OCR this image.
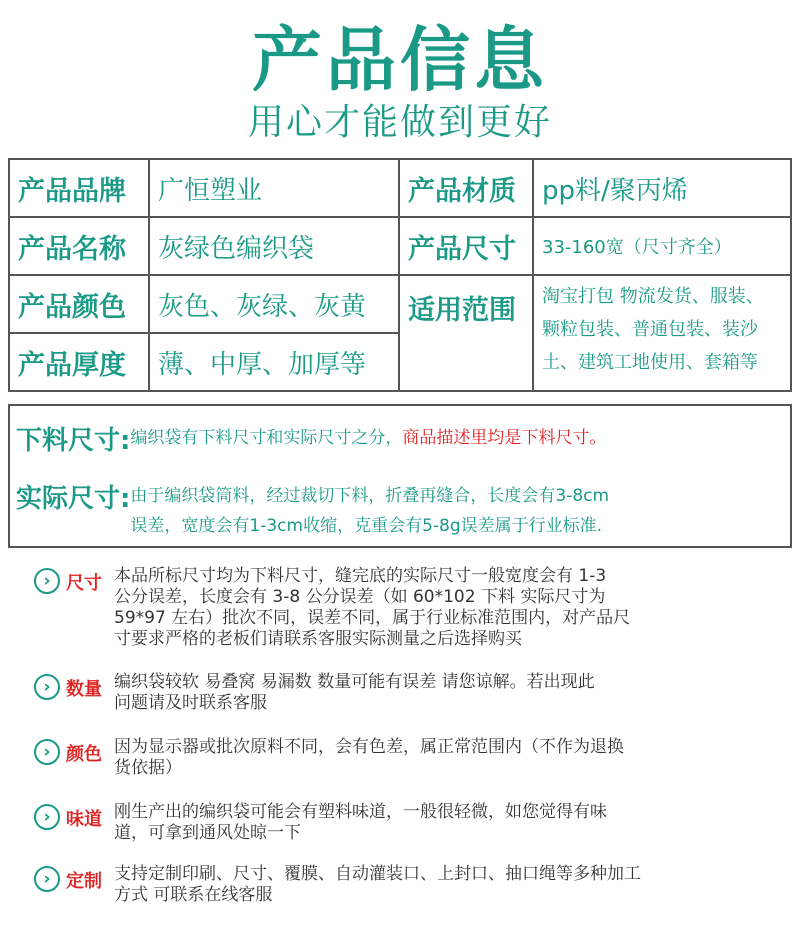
产品信息
用心才能做到更好
产品品牌	广恒塑业	产品材质	pp料/聚丙烯
产品名称	灰绿色编织袋	产品尺寸	33-160宽（尺寸齐全）
产品颜色	灰色、灰绿、灰黄	适用范围	淘宝打包 物流发货、服装、
颗粒包装、普通包装、装沙
土、建筑工地使用、套箱等
产品厚度	薄、中厚、加厚等
下料尺寸: 编织袋有下料尺寸和实际尺寸之分，商品描述里均是下料尺寸。
实际尺寸: 由于编织袋筒料，经过裁切下料，折叠再缝合，长度会有3-8cm
误差，宽度会有1-3cm收缩，克重会有5-8g误差属于行业标准.
› 尺寸 本品所标尺寸均为下料尺寸，缝完底的实际尺寸一般宽度会有 1-3
公分误差，长度会有 3-8 公分误差（如 60*102 下料 实际尺寸为
59*97 左右）批次不同，误差不同，属于行业标准范围内，对产品尺
寸要求严格的老板们请联系客服实际测量之后选择购买
› 数量 编织袋较软 易叠窝 易漏数 数量可能有误差 请您谅解。若出现此
问题请及时联系客服
› 颜色 因为显示器或批次原料不同，会有色差，属正常范围内（不作为退换
货依据）
› 味道 刚生产出的编织袋可能会有塑料味道，一般很轻微，如您觉得有味
道，可拿到通风处晾一下
› 定制 支持定制印刷、尺寸、覆膜、自动灌装口、上封口、抽口绳等多种加工
方式 可联系在线客服
